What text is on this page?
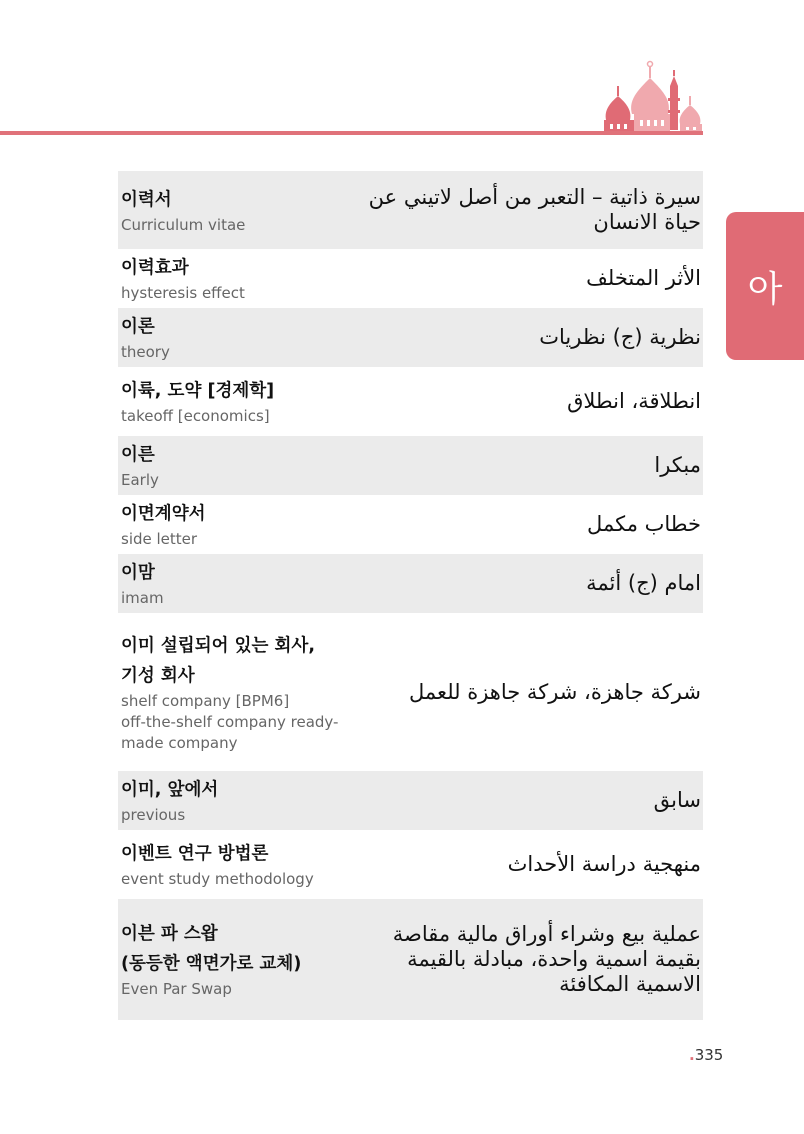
아
이력서
Curriculum vitae
سيرة ذاتية – التعبر من أصل لاتيني عن حياة الانسان
이력효과
hysteresis effect
الأثر المتخلف
이론
theory
نظرية (ج) نظريات
이륙, 도약 [경제학]
takeoff [economics]
انطلاقة، انطلاق
이른
Early
مبكرا
이면계약서
side letter
خطاب مكمل
이맘
imam
امام (ج) أئمة
이미 설립되어 있는 회사,
기성 회사
shelf company [BPM6]
off-the-shelf company ready-
made company
شركة جاهزة، شركة جاهزة للعمل
이미, 앞에서
previous
سابق
이벤트 연구 방법론
event study methodology
منهجية دراسة الأحداث
이븐 파 스왑
(동등한 액면가로 교체)
Even Par Swap
عملية بيع وشراء أوراق مالية مقاصة بقيمة اسمية واحدة، مبادلة بالقيمة الاسمية المكافئة
.335
